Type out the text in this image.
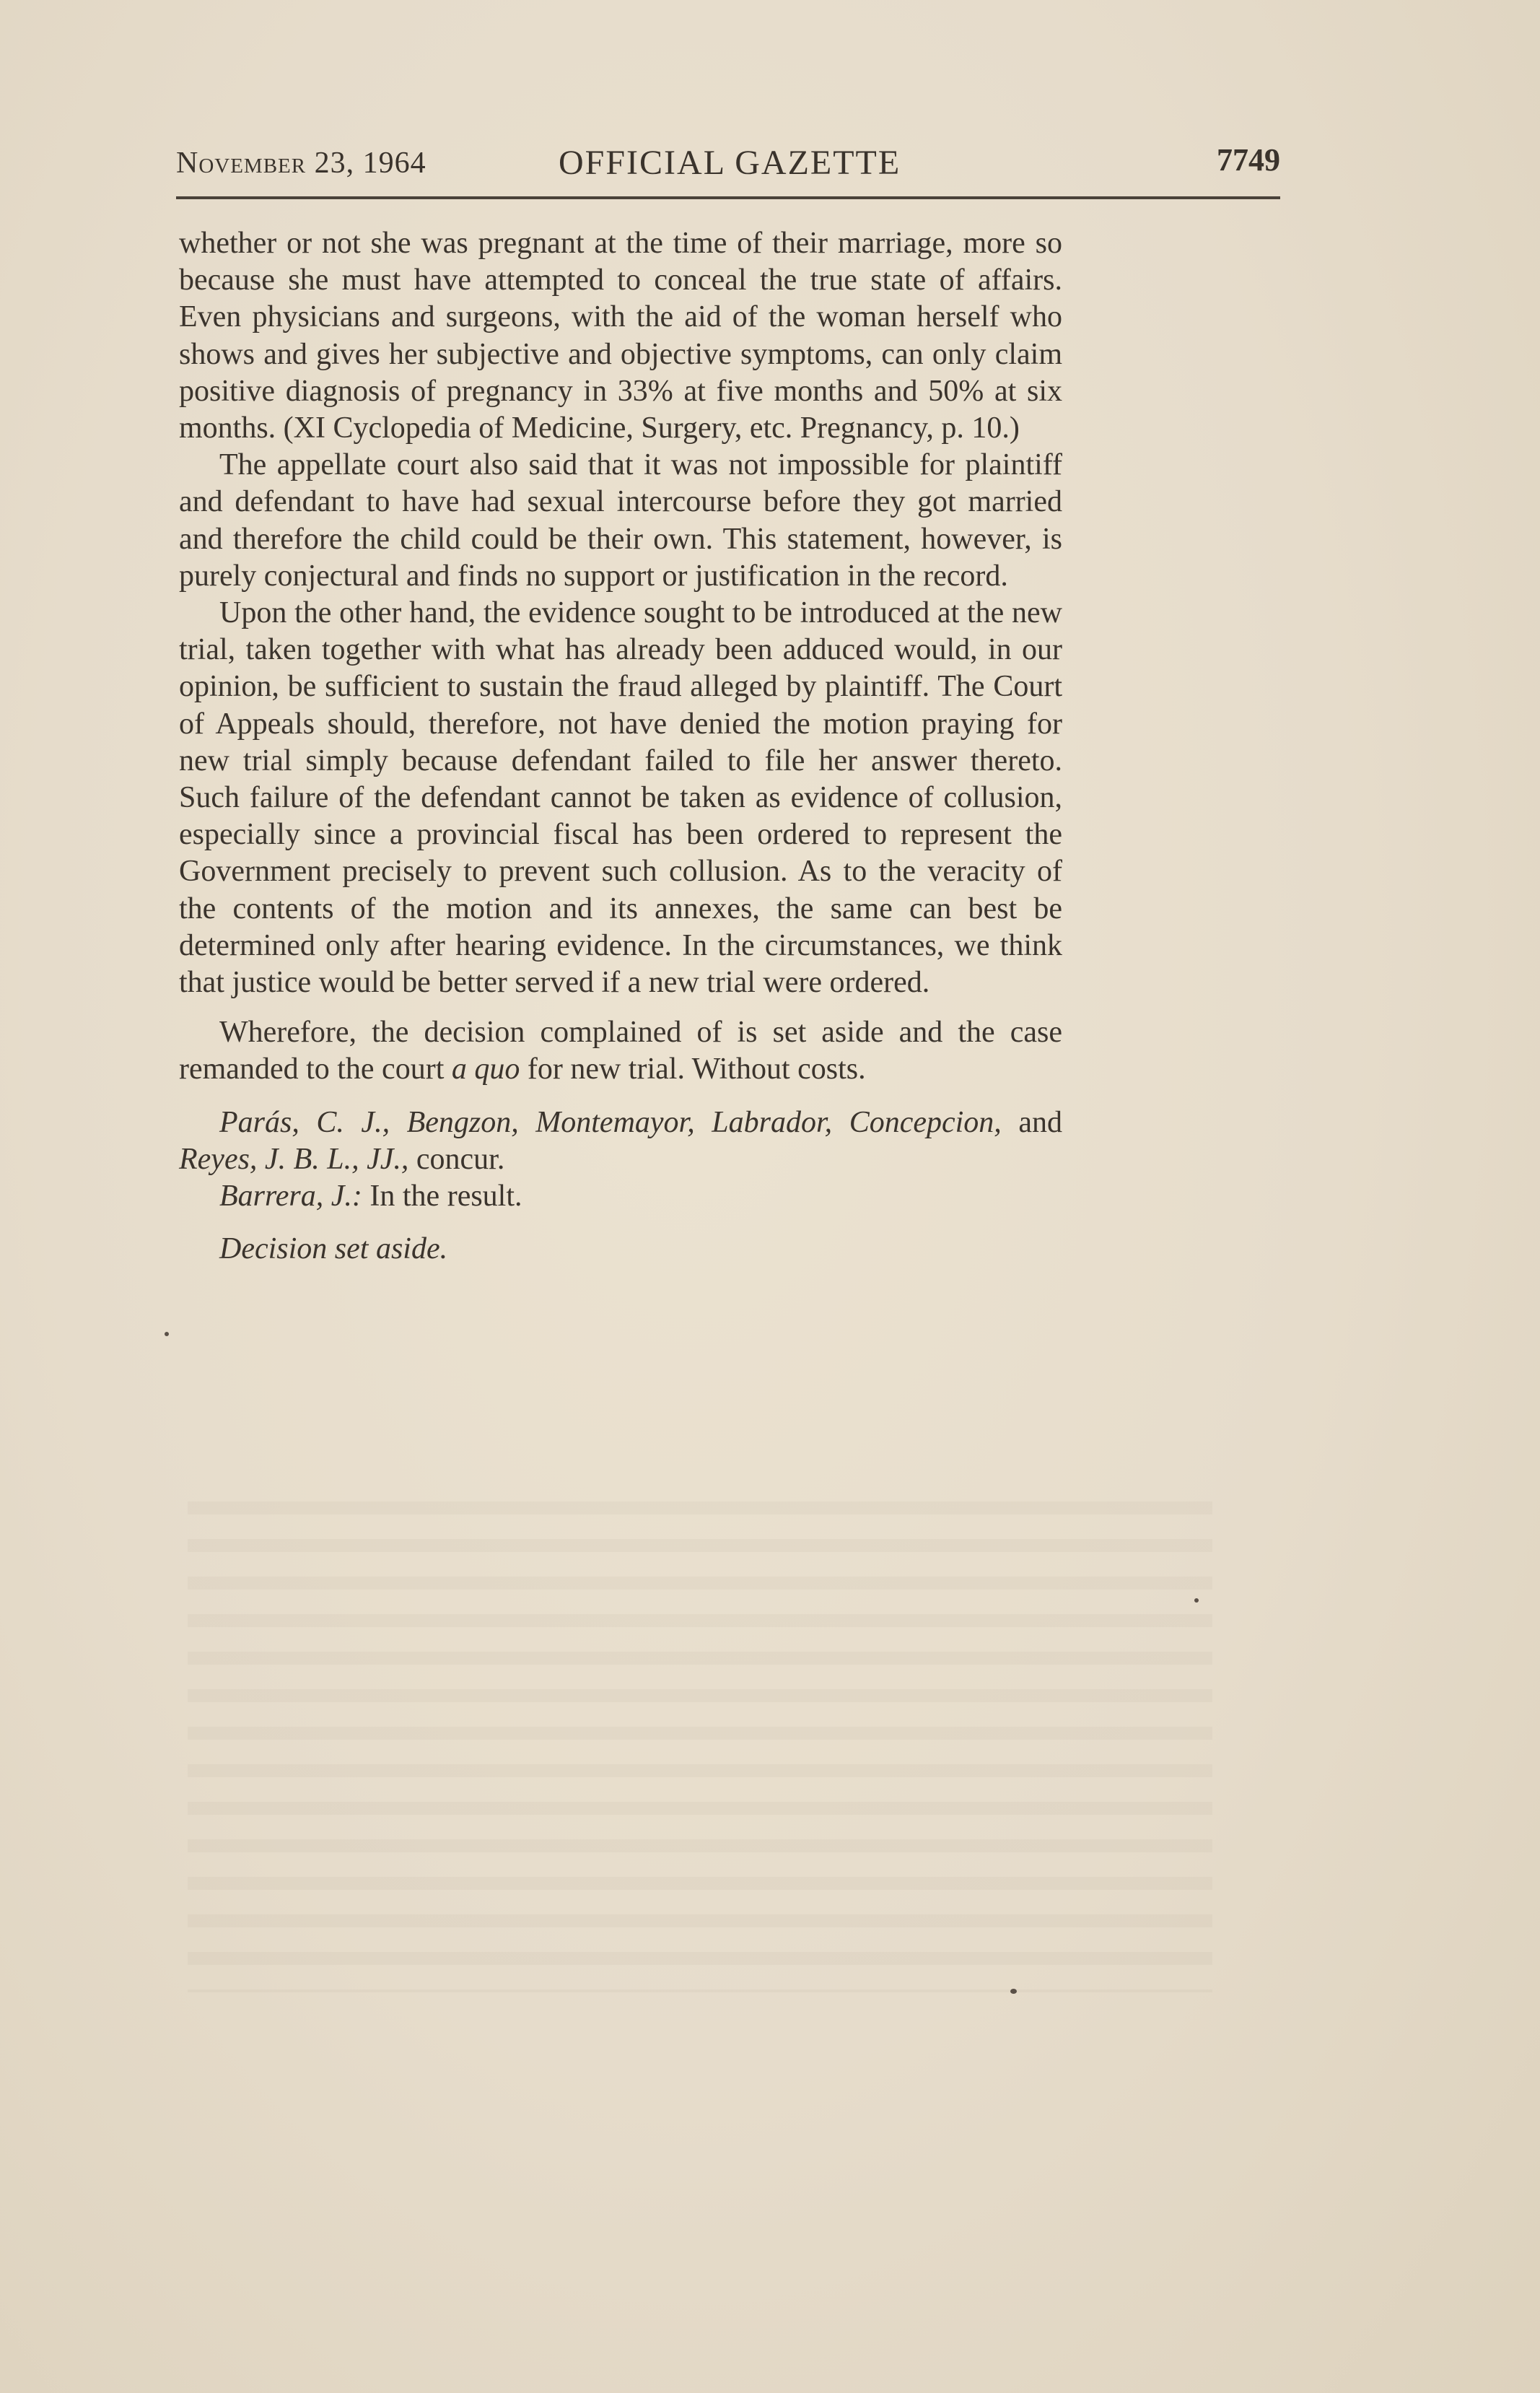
November 23, 1964	OFFICIAL GAZETTE	7749

whether or not she was pregnant at the time of their marriage, more so because she must have attempted to conceal the true state of affairs. Even physicians and surgeons, with the aid of the woman herself who shows and gives her subjective and objective symptoms, can only claim positive diagnosis of pregnancy in 33% at five months and 50% at six months. (XI Cyclopedia of Medicine, Surgery, etc. Pregnancy, p. 10.)

The appellate court also said that it was not impossible for plaintiff and defendant to have had sexual intercourse before they got married and therefore the child could be their own. This statement, however, is purely conjectural and finds no support or justification in the record.

Upon the other hand, the evidence sought to be introduced at the new trial, taken together with what has already been adduced would, in our opinion, be sufficient to sustain the fraud alleged by plaintiff. The Court of Appeals should, therefore, not have denied the motion praying for new trial simply because defendant failed to file her answer thereto. Such failure of the defendant cannot be taken as evidence of collusion, especially since a provincial fiscal has been ordered to represent the Government precisely to prevent such collusion. As to the veracity of the contents of the motion and its annexes, the same can best be determined only after hearing evidence. In the circumstances, we think that justice would be better served if a new trial were ordered.

Wherefore, the decision complained of is set aside and the case remanded to the court a quo for new trial. Without costs.

Parás, C. J., Bengzon, Montemayor, Labrador, Concepcion, and Reyes, J. B. L., JJ., concur.

Barrera, J.: In the result.

Decision set aside.
